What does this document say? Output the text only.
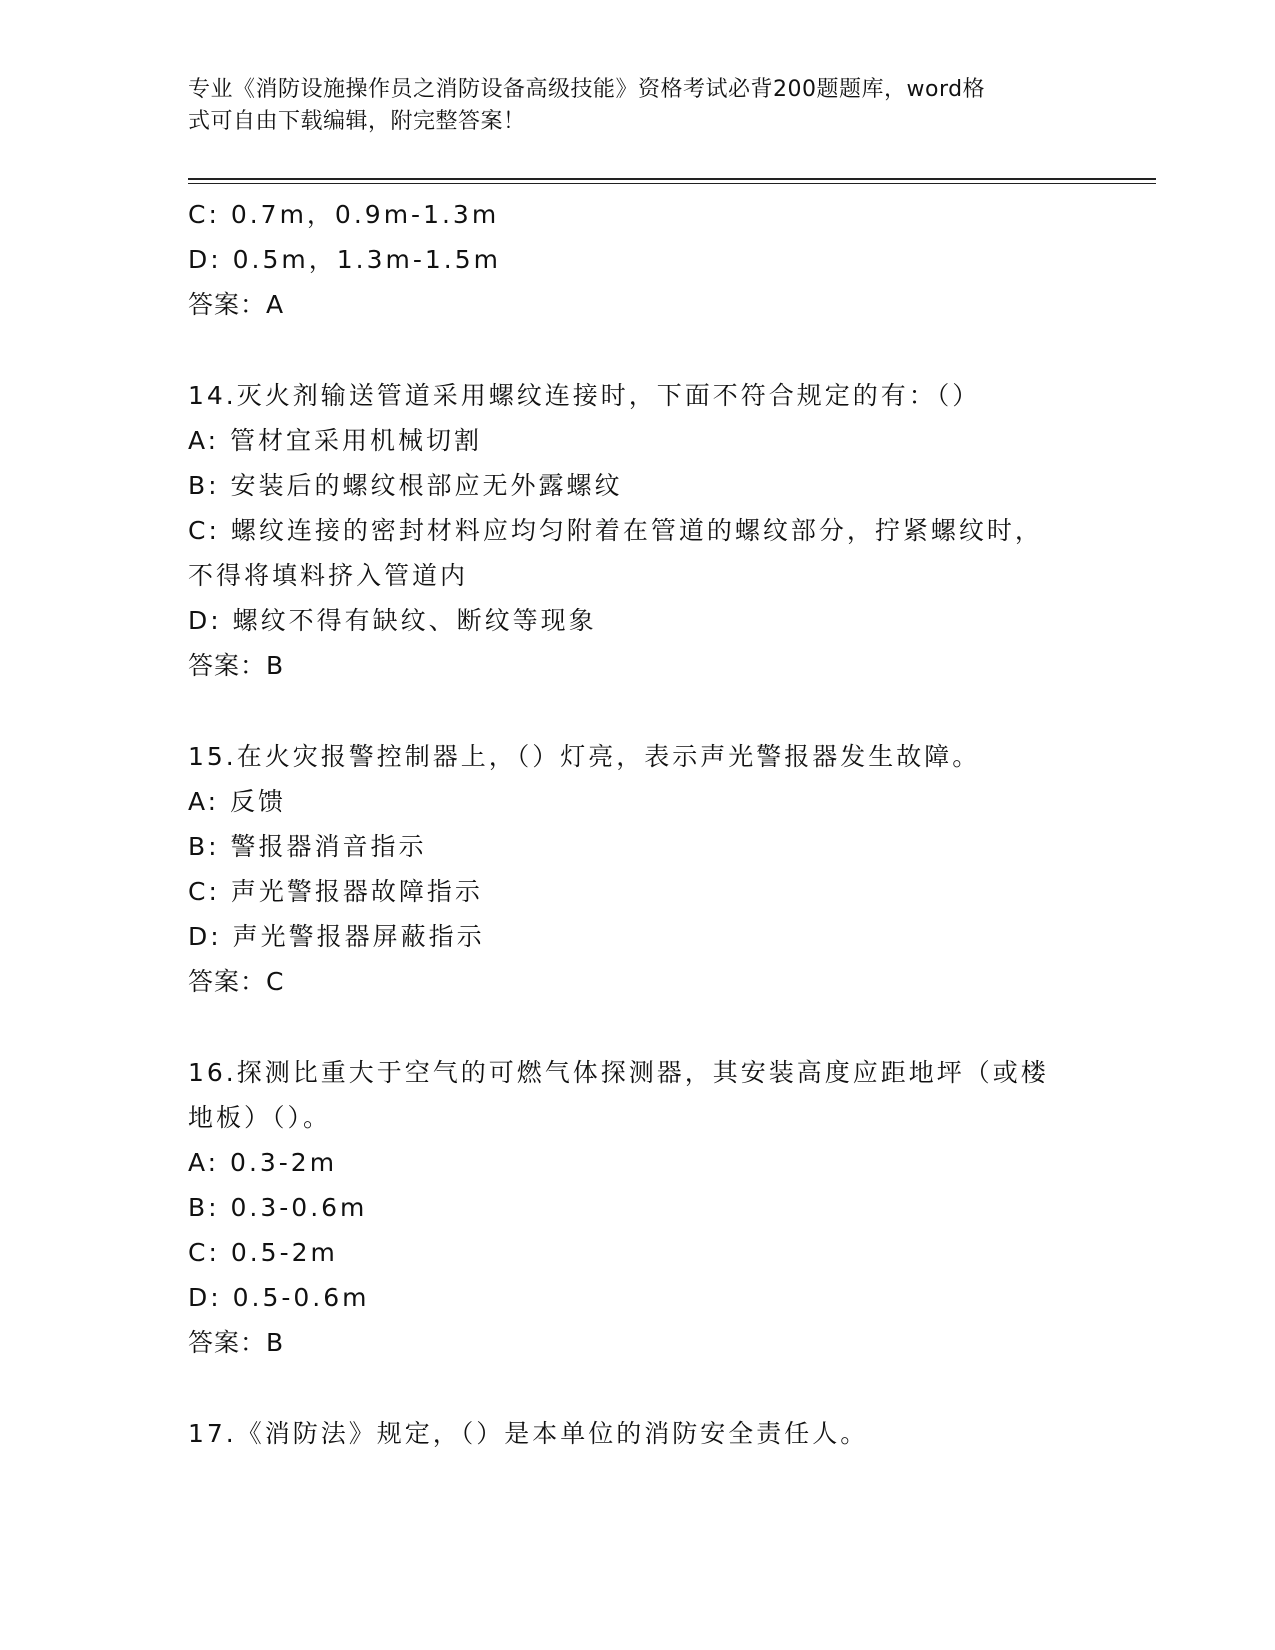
专业《消防设施操作员之消防设备高级技能》资格考试必背200题题库，word格
式可自由下载编辑，附完整答案！
C: 0.7m，0.9m-1.3m
D: 0.5m，1.3m-1.5m
答案：A
14.灭火剂输送管道采用螺纹连接时，下面不符合规定的有：（）
A: 管材宜采用机械切割
B: 安装后的螺纹根部应无外露螺纹
C: 螺纹连接的密封材料应均匀附着在管道的螺纹部分，拧紧螺纹时，
不得将填料挤入管道内
D: 螺纹不得有缺纹、断纹等现象
答案：B
15.在火灾报警控制器上，（）灯亮，表示声光警报器发生故障。
A: 反馈
B: 警报器消音指示
C: 声光警报器故障指示
D: 声光警报器屏蔽指示
答案：C
16.探测比重大于空气的可燃气体探测器，其安装高度应距地坪（或楼
地板）（）。
A: 0.3-2m
B: 0.3-0.6m
C: 0.5-2m
D: 0.5-0.6m
答案：B
17.《消防法》规定，（）是本单位的消防安全责任人。
